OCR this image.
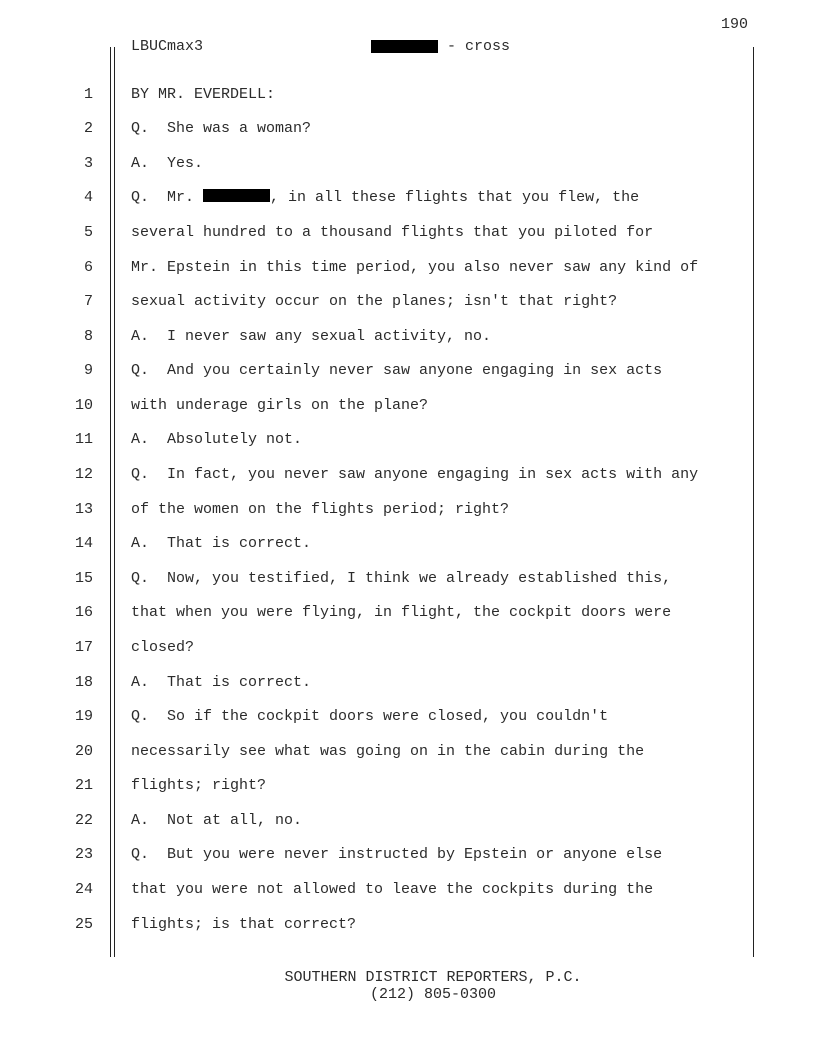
190
LBUCmax3	- cross
1	BY MR. EVERDELL:
2	Q.  She was a woman?
3	A.  Yes.
4	Q.  Mr.	, in all these flights that you flew, the
5	several hundred to a thousand flights that you piloted for
6	Mr. Epstein in this time period, you also never saw any kind of
7	sexual activity occur on the planes; isn't that right?
8	A.  I never saw any sexual activity, no.
9	Q.  And you certainly never saw anyone engaging in sex acts
10	with underage girls on the plane?
11	A.  Absolutely not.
12	Q.  In fact, you never saw anyone engaging in sex acts with any
13	of the women on the flights period; right?
14	A.  That is correct.
15	Q.  Now, you testified, I think we already established this,
16	that when you were flying, in flight, the cockpit doors were
17	closed?
18	A.  That is correct.
19	Q.  So if the cockpit doors were closed, you couldn't
20	necessarily see what was going on in the cabin during the
21	flights; right?
22	A.  Not at all, no.
23	Q.  But you were never instructed by Epstein or anyone else
24	that you were not allowed to leave the cockpits during the
25	flights; is that correct?
SOUTHERN DISTRICT REPORTERS, P.C.
(212) 805-0300
